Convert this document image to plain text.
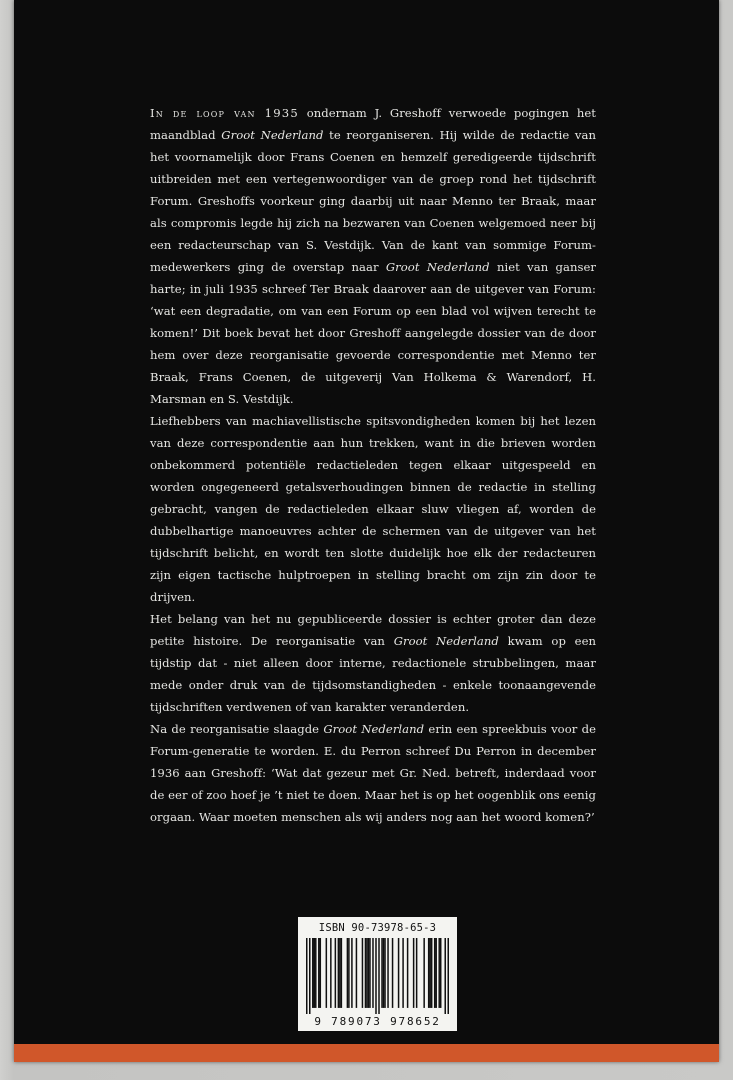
In de loop van 1935 ondernam J. Greshoff verwoede pogingen het maandblad Groot Nederland te reorganiseren. Hij wilde de redactie van het voornamelijk door Frans Coenen en hemzelf geredigeerde tijdschrift uitbreiden met een vertegenwoordiger van de groep rond het tijdschrift Forum. Greshoffs voorkeur ging daarbij uit naar Menno ter Braak, maar als compromis legde hij zich na bezwaren van Coenen welgemoed neer bij een redacteurschap van S. Vestdijk. Van de kant van sommige Forum-medewerkers ging de overstap naar Groot Nederland niet van ganser harte; in juli 1935 schreef Ter Braak daarover aan de uitgever van Forum: ‘wat een degradatie, om van een Forum op een blad vol wijven terecht te komen!’ Dit boek bevat het door Greshoff aangelegde dossier van de door hem over deze reorganisatie gevoerde correspondentie met Menno ter Braak, Frans Coenen, de uitgeverij Van Holkema & Warendorf, H. Marsman en S. Vestdijk.

Liefhebbers van machiavellistische spitsvondigheden komen bij het lezen van deze correspondentie aan hun trekken, want in die brieven worden onbekommerd potentiële redactieleden tegen elkaar uitgespeeld en worden ongegeneerd getalsverhoudingen binnen de redactie in stelling gebracht, vangen de redactieleden elkaar sluw vliegen af, worden de dubbelhartige manoeuvres achter de schermen van de uitgever van het tijdschrift belicht, en wordt ten slotte duidelijk hoe elk der redacteuren zijn eigen tactische hulptroepen in stelling bracht om zijn zin door te drijven.

Het belang van het nu gepubliceerde dossier is echter groter dan deze petite histoire. De reorganisatie van Groot Nederland kwam op een tijdstip dat - niet alleen door interne, redactionele strubbelingen, maar mede onder druk van de tijdsomstandigheden - enkele toonaangevende tijdschriften verdwenen of van karakter veranderden.

Na de reorganisatie slaagde Groot Nederland erin een spreekbuis voor de Forum-generatie te worden. E. du Perron schreef Du Perron in december 1936 aan Greshoff: ‘Wat dat gezeur met Gr. Ned. betreft, inderdaad voor de eer of zoo hoef je ’t niet te doen. Maar het is op het oogenblik ons eenig orgaan. Waar moeten menschen als wij anders nog aan het woord komen?’

ISBN 90-73978-65-3
9 789073 978652
